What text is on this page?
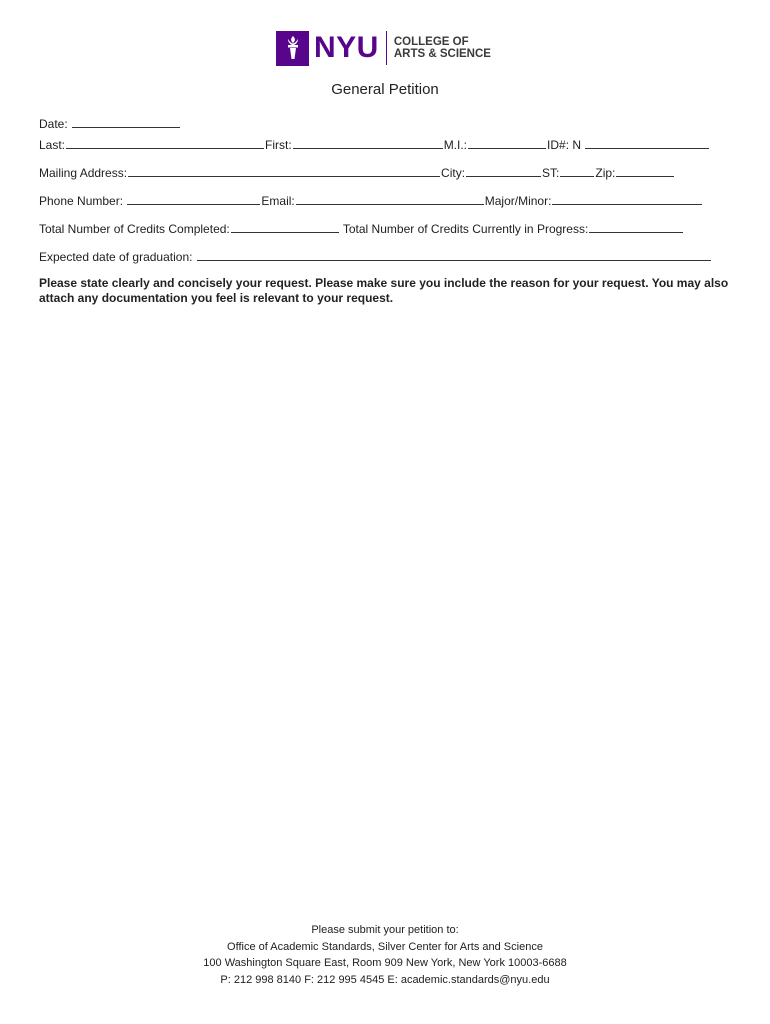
NYU COLLEGE OF
ARTS & SCIENCE
General Petition
Date:
Last:	First:	M.I.:	ID#: N
Mailing Address:	City:	ST:	Zip:
Phone Number:	Email:	Major/Minor:
Total Number of Credits Completed:	Total Number of Credits Currently in Progress:
Expected date of graduation:
Please state clearly and concisely your request. Please make sure you include the reason for your request. You may also attach any documentation you feel is relevant to your request.
Please submit your petition to:
Office of Academic Standards, Silver Center for Arts and Science
100 Washington Square East, Room 909 New York, New York 10003-6688
P: 212 998 8140 F: 212 995 4545 E: academic.standards@nyu.edu
